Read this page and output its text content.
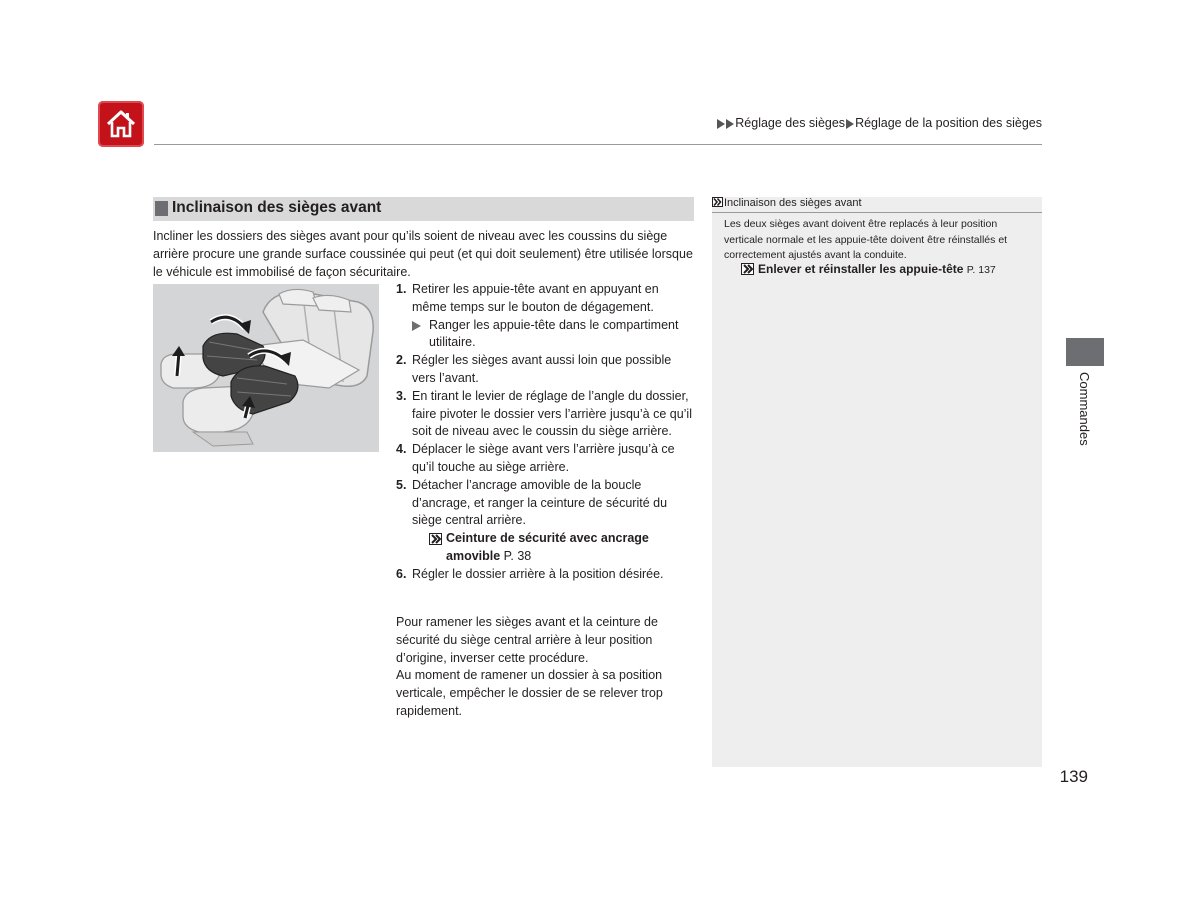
Réglage des sièges Réglage de la position des sièges
Inclinaison des sièges avant
Incliner les dossiers des sièges avant pour qu’ils soient de niveau avec les coussins du siège arrière procure une grande surface coussinée qui peut (et qui doit seulement) être utilisée lorsque le véhicule est immobilisé de façon sécuritaire.
1. Retirer les appuie-tête avant en appuyant en même temps sur le bouton de dégagement.
Ranger les appuie-tête dans le compartiment utilitaire.
2. Régler les sièges avant aussi loin que possible vers l’avant.
3. En tirant le levier de réglage de l’angle du dossier, faire pivoter le dossier vers l’arrière jusqu’à ce qu’il soit de niveau avec le coussin du siège arrière.
4. Déplacer le siège avant vers l’arrière jusqu’à ce qu’il touche au siège arrière.
5. Détacher l’ancrage amovible de la boucle d’ancrage, et ranger la ceinture de sécurité du siège central arrière.
Ceinture de sécurité avec ancrage amovible P. 38
6. Régler le dossier arrière à la position désirée.
Pour ramener les sièges avant et la ceinture de sécurité du siège central arrière à leur position d’origine, inverser cette procédure.
Au moment de ramener un dossier à sa position verticale, empêcher le dossier de se relever trop rapidement.
Inclinaison des sièges avant
Les deux sièges avant doivent être replacés à leur position verticale normale et les appuie-tête doivent être réinstallés et correctement ajustés avant la conduite.
Enlever et réinstaller les appuie-tête P. 137
Commandes
139
